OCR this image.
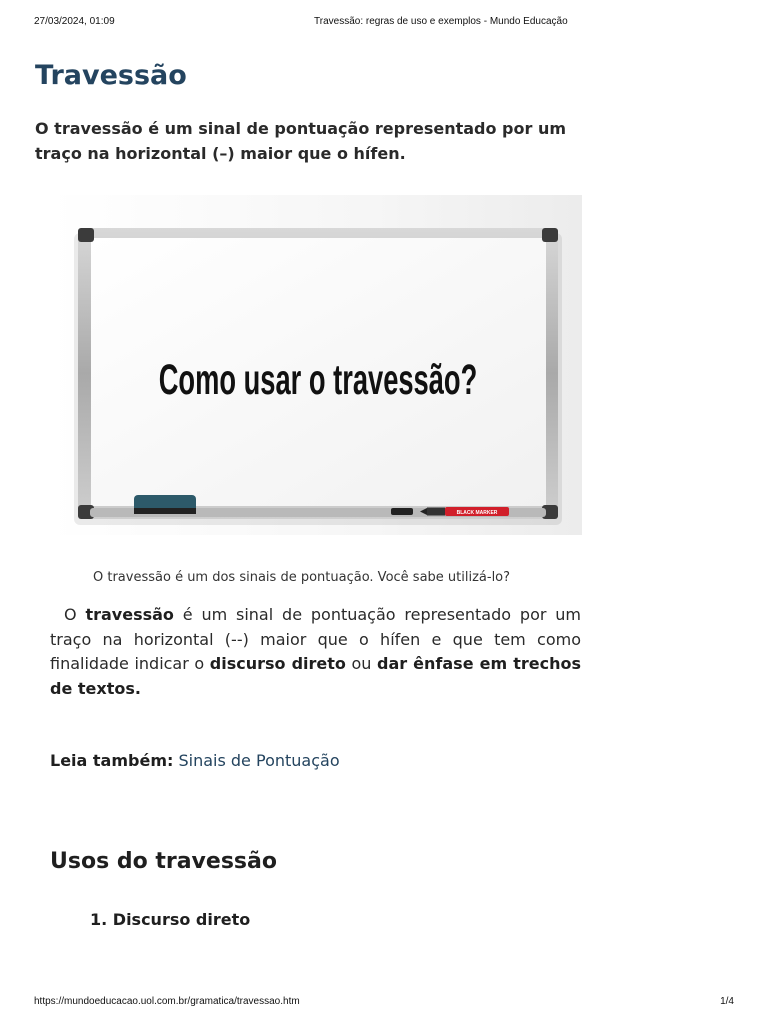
27/03/2024, 01:09	Travessão: regras de uso e exemplos - Mundo Educação
Travessão

O travessão é um sinal de pontuação representado por um traço na horizontal (–) maior que o hífen.

BLACK MARKER
Como usar o travessão?

O travessão é um dos sinais de pontuação. Você sabe utilizá-lo?

O travessão é um sinal de pontuação representado por um traço na horizontal (--) maior que o hífen e que tem como finalidade indicar o discurso direto ou dar ênfase em trechos de textos.

Leia também: Sinais de Pontuação

Usos do travessão

1. Discurso direto

https://mundoeducacao.uol.com.br/gramatica/travessao.htm	1/4
